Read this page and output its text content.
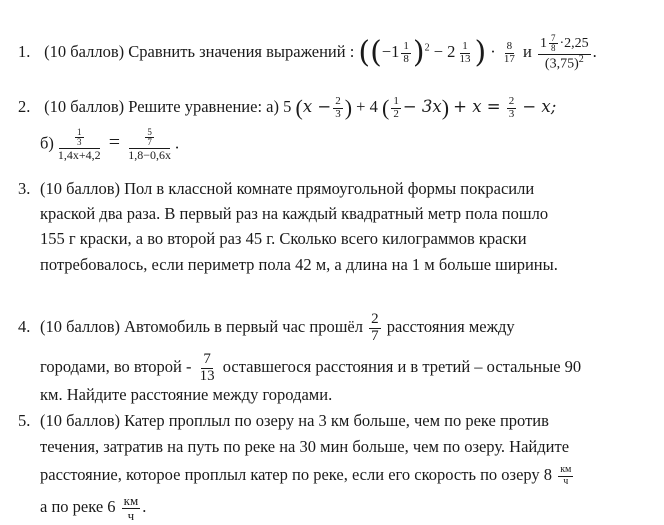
1. (10 баллов) Сравнить значения выражений : ($(-1 \frac{1}{8} )^2 - 2 \frac{1}{13}$ ) · $\frac{8}{17}$ и $\frac{1 \frac{7}{8} \cdot 2,25}{(3,75)^2}$ .
2. (10 баллов) Решите уравнение: а) 5 ($x - \frac{2}{3}$ ) + 4 ( $\frac{1}{2} - 3x) + x = \frac{2}{3} - x$;
$б) \frac{\frac{1}{3}}{1,4x+4,2} = \frac{\frac{5}{7}}{1,8-0,6x}$ .
3. (10 баллов) Пол в классной комнате прямоугольной формы покрасили
краской два раза. В первый раз на каждый квадратный метр пола пошло
155 г краски, а во второй раз 45 г. Сколько всего килограммов краски
потребовалось, если периметр пола 42 м, а длина на 1 м больше ширины.
4. (10 баллов) Автомобиль в первый час прошёл $\frac{2}{7}$ расстояния между
городами, во второй - $\frac{7}{13}$ оставшегося расстояния и в третий – остальные 90
км. Найдите расстояние между городами.
5. (10 баллов) Катер проплыл по озеру на 3 км больше, чем по реке против
течения, затратив на путь по реке на 30 мин больше, чем по озеру. Найдите
расстояние, которое проплыл катер по реке, если его скорость по озеру $8 \frac{км}{ч}$
а по реке $6 \frac{км}{ч}$ .
